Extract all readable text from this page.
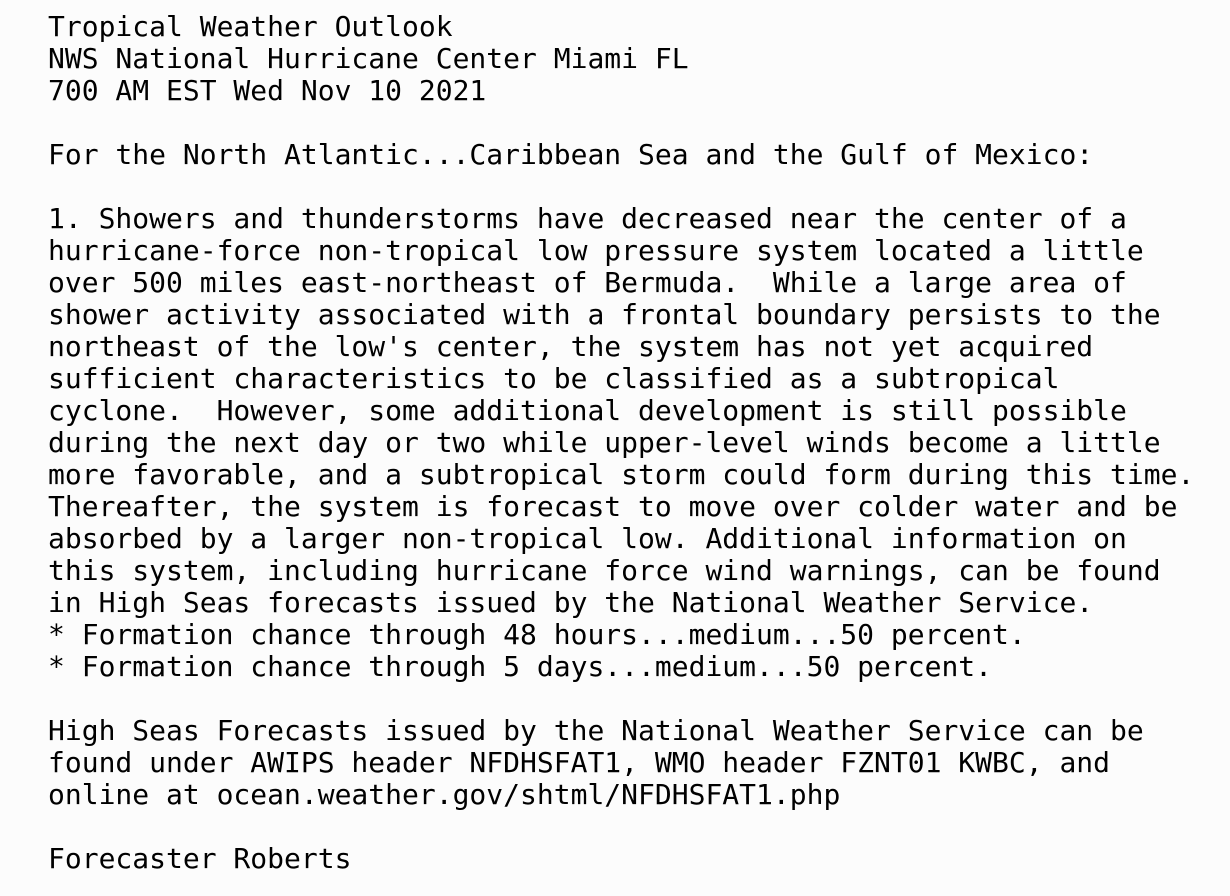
Tropical Weather Outlook
NWS National Hurricane Center Miami FL
700 AM EST Wed Nov 10 2021
For the North Atlantic...Caribbean Sea and the Gulf of Mexico:
1. Showers and thunderstorms have decreased near the center of a
hurricane-force non-tropical low pressure system located a little
over 500 miles east-northeast of Bermuda.  While a large area of
shower activity associated with a frontal boundary persists to the
northeast of the low's center, the system has not yet acquired
sufficient characteristics to be classified as a subtropical
cyclone.  However, some additional development is still possible
during the next day or two while upper-level winds become a little
more favorable, and a subtropical storm could form during this time.
Thereafter, the system is forecast to move over colder water and be
absorbed by a larger non-tropical low. Additional information on
this system, including hurricane force wind warnings, can be found
in High Seas forecasts issued by the National Weather Service.
* Formation chance through 48 hours...medium...50 percent.
* Formation chance through 5 days...medium...50 percent.
High Seas Forecasts issued by the National Weather Service can be
found under AWIPS header NFDHSFAT1, WMO header FZNT01 KWBC, and
online at ocean.weather.gov/shtml/NFDHSFAT1.php
Forecaster Roberts
